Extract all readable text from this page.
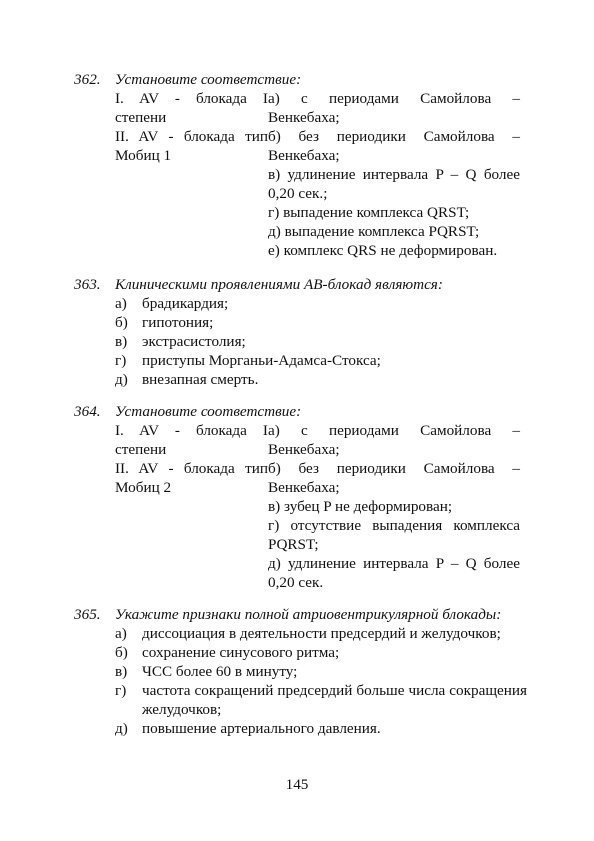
362. Установите соответствие:
I. AV - блокада I степени
II. AV - блокада тип Мобиц 1
а) с периодами Самойлова – Венкебаха;
б) без периодики Самойлова – Венкебаха;
в) удлинение интервала P – Q более 0,20 сек.;
г) выпадение комплекса QRST;
д) выпадение комплекса PQRST;
е) комплекс QRS не деформирован.
363. Клиническими проявлениями АВ-блокад являются:
а) брадикардия;
б) гипотония;
в) экстрасистолия;
г)	приступы Морганьи-Адамса-Стокса;
д) внезапная смерть.
364. Установите соответствие:
I. AV - блокада I степени
II. AV - блокада тип Мобиц 2
а) с периодами Самойлова – Венкебаха;
б) без периодики Самойлова – Венкебаха;
в) зубец P не деформирован;
г) отсутствие выпадения комплекса PQRST;
д) удлинение интервала P – Q более 0,20 сек.
365. Укажите признаки полной атриовентрикулярной блокады:
а) диссоциация в деятельности предсердий и желудочков;
б) сохранение синусового ритма;
в) ЧСС более 60 в минуту;
г)	частота сокращений предсердий больше числа сокращения желудочков;
д) повышение артериального давления.
145
